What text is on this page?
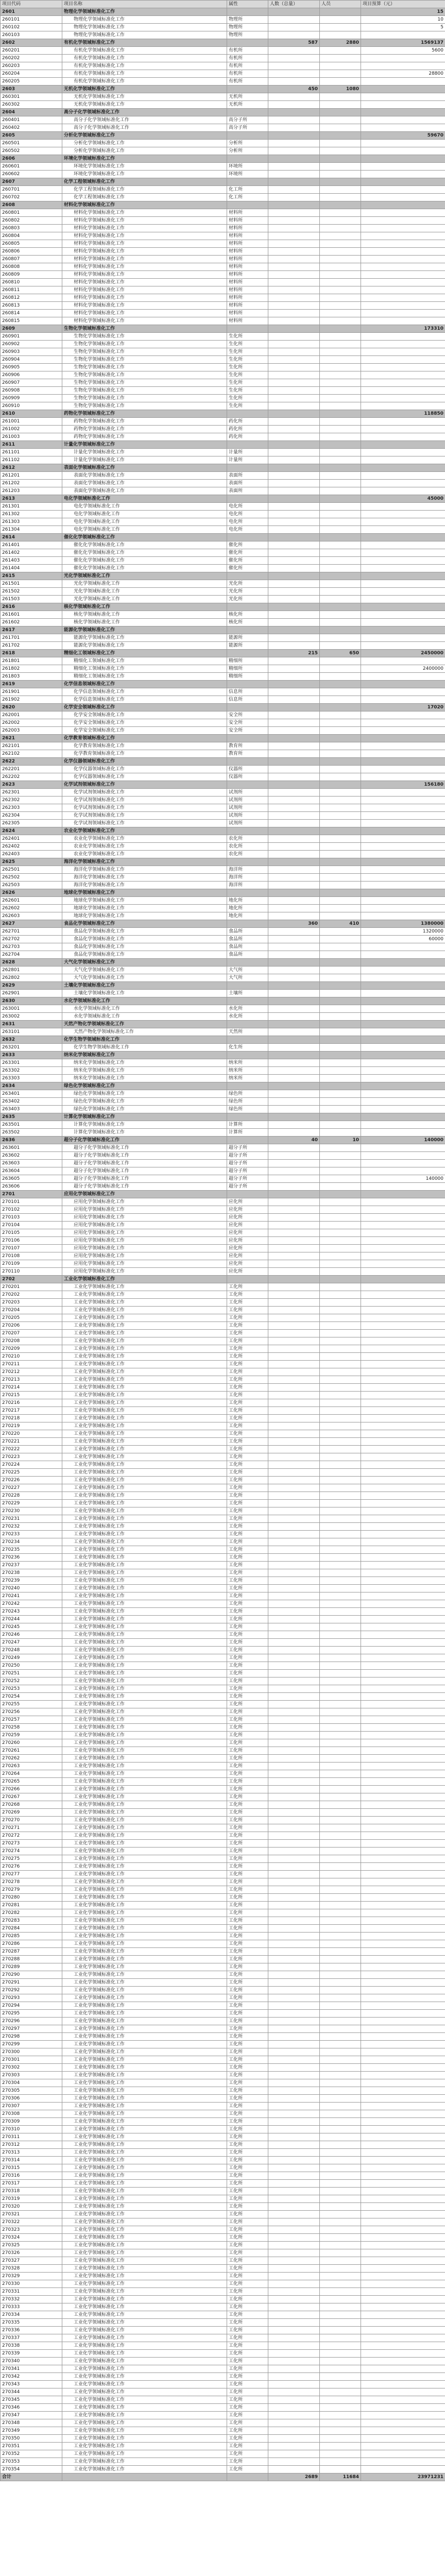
项目代码	项目名称	属性	人数（总量）	人员	项目预算（元）
2601	物理化学领域标准化工作				15
260101	物理化学领域标准化工作	物理所			10
260102	物理化学领域标准化工作	物理所			5
260103	物理化学领域标准化工作	物理所			
2602	有机化学领域标准化工作		587	2880	1569137
260201	有机化学领域标准化工作	有机所			5600
260202	有机化学领域标准化工作	有机所			
260203	有机化学领域标准化工作	有机所			
260204	有机化学领域标准化工作	有机所			28800
260205	有机化学领域标准化工作	有机所			
2603	无机化学领域标准化工作		450	1080	
260301	无机化学领域标准化工作	无机所			
260302	无机化学领域标准化工作	无机所			
2604	高分子化学领域标准化工作				
260401	高分子化学领域标准化工作	高分子所			
260402	高分子化学领域标准化工作	高分子所			
2605	分析化学领域标准化工作				59670
260501	分析化学领域标准化工作	分析所			
260502	分析化学领域标准化工作	分析所			
2606	环境化学领域标准化工作				
260601	环境化学领域标准化工作	环境所			
260602	环境化学领域标准化工作	环境所			
2607	化学工程领域标准化工作				
260701	化学工程领域标准化工作	化工所			
260702	化学工程领域标准化工作	化工所			
2608	材料化学领域标准化工作				
260801	材料化学领域标准化工作	材料所			
260802	材料化学领域标准化工作	材料所			
260803	材料化学领域标准化工作	材料所			
260804	材料化学领域标准化工作	材料所			
260805	材料化学领域标准化工作	材料所			
260806	材料化学领域标准化工作	材料所			
260807	材料化学领域标准化工作	材料所			
260808	材料化学领域标准化工作	材料所			
260809	材料化学领域标准化工作	材料所			
260810	材料化学领域标准化工作	材料所			
260811	材料化学领域标准化工作	材料所			
260812	材料化学领域标准化工作	材料所			
260813	材料化学领域标准化工作	材料所			
260814	材料化学领域标准化工作	材料所			
260815	材料化学领域标准化工作	材料所			
2609	生物化学领域标准化工作				173310
260901	生物化学领域标准化工作	生化所			
260902	生物化学领域标准化工作	生化所			
260903	生物化学领域标准化工作	生化所			
260904	生物化学领域标准化工作	生化所			
260905	生物化学领域标准化工作	生化所			
260906	生物化学领域标准化工作	生化所			
260907	生物化学领域标准化工作	生化所			
260908	生物化学领域标准化工作	生化所			
260909	生物化学领域标准化工作	生化所			
260910	生物化学领域标准化工作	生化所			
2610	药物化学领域标准化工作				118850
261001	药物化学领域标准化工作	药化所			
261002	药物化学领域标准化工作	药化所			
261003	药物化学领域标准化工作	药化所			
2611	计量化学领域标准化工作				
261101	计量化学领域标准化工作	计量所			
261102	计量化学领域标准化工作	计量所			
2612	表面化学领域标准化工作				
261201	表面化学领域标准化工作	表面所			
261202	表面化学领域标准化工作	表面所			
261203	表面化学领域标准化工作	表面所			
2613	电化学领域标准化工作				45000
261301	电化学领域标准化工作	电化所			
261302	电化学领域标准化工作	电化所			
261303	电化学领域标准化工作	电化所			
261304	电化学领域标准化工作	电化所			
2614	催化化学领域标准化工作				
261401	催化化学领域标准化工作	催化所			
261402	催化化学领域标准化工作	催化所			
261403	催化化学领域标准化工作	催化所			
261404	催化化学领域标准化工作	催化所			
2615	光化学领域标准化工作				
261501	光化学领域标准化工作	光化所			
261502	光化学领域标准化工作	光化所			
261503	光化学领域标准化工作	光化所			
2616	核化学领域标准化工作				
261601	核化学领域标准化工作	核化所			
261602	核化学领域标准化工作	核化所			
2617	能源化学领域标准化工作				
261701	能源化学领域标准化工作	能源所			
261702	能源化学领域标准化工作	能源所			
2618	精细化工领域标准化工作		215	650	2450000
261801	精细化工领域标准化工作	精细所			
261802	精细化工领域标准化工作	精细所			2400000
261803	精细化工领域标准化工作	精细所			
2619	化学信息领域标准化工作				
261901	化学信息领域标准化工作	信息所			
261902	化学信息领域标准化工作	信息所			
2620	化学安全领域标准化工作				17020
262001	化学安全领域标准化工作	安全所			
262002	化学安全领域标准化工作	安全所			
262003	化学安全领域标准化工作	安全所			
2621	化学教育领域标准化工作				
262101	化学教育领域标准化工作	教育所			
262102	化学教育领域标准化工作	教育所			
2622	化学仪器领域标准化工作				
262201	化学仪器领域标准化工作	仪器所			
262202	化学仪器领域标准化工作	仪器所			
2623	化学试剂领域标准化工作				156180
262301	化学试剂领域标准化工作	试剂所			
262302	化学试剂领域标准化工作	试剂所			
262303	化学试剂领域标准化工作	试剂所			
262304	化学试剂领域标准化工作	试剂所			
262305	化学试剂领域标准化工作	试剂所			
2624	农业化学领域标准化工作				
262401	农业化学领域标准化工作	农化所			
262402	农业化学领域标准化工作	农化所			
262403	农业化学领域标准化工作	农化所			
2625	海洋化学领域标准化工作				
262501	海洋化学领域标准化工作	海洋所			
262502	海洋化学领域标准化工作	海洋所			
262503	海洋化学领域标准化工作	海洋所			
2626	地球化学领域标准化工作				
262601	地球化学领域标准化工作	地化所			
262602	地球化学领域标准化工作	地化所			
262603	地球化学领域标准化工作	地化所			
2627	食品化学领域标准化工作		360	410	1380000
262701	食品化学领域标准化工作	食品所			1320000
262702	食品化学领域标准化工作	食品所			60000
262703	食品化学领域标准化工作	食品所			
262704	食品化学领域标准化工作	食品所			
2628	大气化学领域标准化工作				
262801	大气化学领域标准化工作	大气所			
262802	大气化学领域标准化工作	大气所			
2629	土壤化学领域标准化工作				
262901	土壤化学领域标准化工作	土壤所			
2630	水化学领域标准化工作				
263001	水化学领域标准化工作	水化所			
263002	水化学领域标准化工作	水化所			
2631	天然产物化学领域标准化工作				
263101	天然产物化学领域标准化工作	天然所			
2632	化学生物学领域标准化工作				
263201	化学生物学领域标准化工作	化生所			
2633	纳米化学领域标准化工作				
263301	纳米化学领域标准化工作	纳米所			
263302	纳米化学领域标准化工作	纳米所			
263303	纳米化学领域标准化工作	纳米所			
2634	绿色化学领域标准化工作				
263401	绿色化学领域标准化工作	绿色所			
263402	绿色化学领域标准化工作	绿色所			
263403	绿色化学领域标准化工作	绿色所			
2635	计算化学领域标准化工作				
263501	计算化学领域标准化工作	计算所			
263502	计算化学领域标准化工作	计算所			
2636	超分子化学领域标准化工作		40	10	140000
263601	超分子化学领域标准化工作	超分子所			
263602	超分子化学领域标准化工作	超分子所			
263603	超分子化学领域标准化工作	超分子所			
263604	超分子化学领域标准化工作	超分子所			
263605	超分子化学领域标准化工作	超分子所			140000
263606	超分子化学领域标准化工作	超分子所			
2701	应用化学领域标准化工作				
270101	应用化学领域标准化工作	应化所			
270102	应用化学领域标准化工作	应化所			
270103	应用化学领域标准化工作	应化所			
270104	应用化学领域标准化工作	应化所			
270105	应用化学领域标准化工作	应化所			
270106	应用化学领域标准化工作	应化所			
270107	应用化学领域标准化工作	应化所			
270108	应用化学领域标准化工作	应化所			
270109	应用化学领域标准化工作	应化所			
270110	应用化学领域标准化工作	应化所			
2702	工业化学领域标准化工作				
270201	工业化学领域标准化工作	工化所			
270202	工业化学领域标准化工作	工化所			
270203	工业化学领域标准化工作	工化所			
270204	工业化学领域标准化工作	工化所			
270205	工业化学领域标准化工作	工化所			
270206	工业化学领域标准化工作	工化所			
270207	工业化学领域标准化工作	工化所			
270208	工业化学领域标准化工作	工化所			
270209	工业化学领域标准化工作	工化所			
270210	工业化学领域标准化工作	工化所			
270211	工业化学领域标准化工作	工化所			
270212	工业化学领域标准化工作	工化所			
270213	工业化学领域标准化工作	工化所			
270214	工业化学领域标准化工作	工化所			
270215	工业化学领域标准化工作	工化所			
270216	工业化学领域标准化工作	工化所			
270217	工业化学领域标准化工作	工化所			
270218	工业化学领域标准化工作	工化所			
270219	工业化学领域标准化工作	工化所			
270220	工业化学领域标准化工作	工化所			
270221	工业化学领域标准化工作	工化所			
270222	工业化学领域标准化工作	工化所			
270223	工业化学领域标准化工作	工化所			
270224	工业化学领域标准化工作	工化所			
270225	工业化学领域标准化工作	工化所			
270226	工业化学领域标准化工作	工化所			
270227	工业化学领域标准化工作	工化所			
270228	工业化学领域标准化工作	工化所			
270229	工业化学领域标准化工作	工化所			
270230	工业化学领域标准化工作	工化所			
270231	工业化学领域标准化工作	工化所			
270232	工业化学领域标准化工作	工化所			
270233	工业化学领域标准化工作	工化所			
270234	工业化学领域标准化工作	工化所			
270235	工业化学领域标准化工作	工化所			
270236	工业化学领域标准化工作	工化所			
270237	工业化学领域标准化工作	工化所			
270238	工业化学领域标准化工作	工化所			
270239	工业化学领域标准化工作	工化所			
270240	工业化学领域标准化工作	工化所			
270241	工业化学领域标准化工作	工化所			
270242	工业化学领域标准化工作	工化所			
270243	工业化学领域标准化工作	工化所			
270244	工业化学领域标准化工作	工化所			
270245	工业化学领域标准化工作	工化所			
270246	工业化学领域标准化工作	工化所			
270247	工业化学领域标准化工作	工化所			
270248	工业化学领域标准化工作	工化所			
270249	工业化学领域标准化工作	工化所			
270250	工业化学领域标准化工作	工化所			
270251	工业化学领域标准化工作	工化所			
270252	工业化学领域标准化工作	工化所			
270253	工业化学领域标准化工作	工化所			
270254	工业化学领域标准化工作	工化所			
270255	工业化学领域标准化工作	工化所			
270256	工业化学领域标准化工作	工化所			
270257	工业化学领域标准化工作	工化所			
270258	工业化学领域标准化工作	工化所			
270259	工业化学领域标准化工作	工化所			
270260	工业化学领域标准化工作	工化所			
270261	工业化学领域标准化工作	工化所			
270262	工业化学领域标准化工作	工化所			
270263	工业化学领域标准化工作	工化所			
270264	工业化学领域标准化工作	工化所			
270265	工业化学领域标准化工作	工化所			
270266	工业化学领域标准化工作	工化所			
270267	工业化学领域标准化工作	工化所			
270268	工业化学领域标准化工作	工化所			
270269	工业化学领域标准化工作	工化所			
270270	工业化学领域标准化工作	工化所			
270271	工业化学领域标准化工作	工化所			
270272	工业化学领域标准化工作	工化所			
270273	工业化学领域标准化工作	工化所			
270274	工业化学领域标准化工作	工化所			
270275	工业化学领域标准化工作	工化所			
270276	工业化学领域标准化工作	工化所			
270277	工业化学领域标准化工作	工化所			
270278	工业化学领域标准化工作	工化所			
270279	工业化学领域标准化工作	工化所			
270280	工业化学领域标准化工作	工化所			
270281	工业化学领域标准化工作	工化所			
270282	工业化学领域标准化工作	工化所			
270283	工业化学领域标准化工作	工化所			
270284	工业化学领域标准化工作	工化所			
270285	工业化学领域标准化工作	工化所			
270286	工业化学领域标准化工作	工化所			
270287	工业化学领域标准化工作	工化所			
270288	工业化学领域标准化工作	工化所			
270289	工业化学领域标准化工作	工化所			
270290	工业化学领域标准化工作	工化所			
270291	工业化学领域标准化工作	工化所			
270292	工业化学领域标准化工作	工化所			
270293	工业化学领域标准化工作	工化所			
270294	工业化学领域标准化工作	工化所			
270295	工业化学领域标准化工作	工化所			
270296	工业化学领域标准化工作	工化所			
270297	工业化学领域标准化工作	工化所			
270298	工业化学领域标准化工作	工化所			
270299	工业化学领域标准化工作	工化所			
270300	工业化学领域标准化工作	工化所			
270301	工业化学领域标准化工作	工化所			
270302	工业化学领域标准化工作	工化所			
270303	工业化学领域标准化工作	工化所			
270304	工业化学领域标准化工作	工化所			
270305	工业化学领域标准化工作	工化所			
270306	工业化学领域标准化工作	工化所			
270307	工业化学领域标准化工作	工化所			
270308	工业化学领域标准化工作	工化所			
270309	工业化学领域标准化工作	工化所			
270310	工业化学领域标准化工作	工化所			
270311	工业化学领域标准化工作	工化所			
270312	工业化学领域标准化工作	工化所			
270313	工业化学领域标准化工作	工化所			
270314	工业化学领域标准化工作	工化所			
270315	工业化学领域标准化工作	工化所			
270316	工业化学领域标准化工作	工化所			
270317	工业化学领域标准化工作	工化所			
270318	工业化学领域标准化工作	工化所			
270319	工业化学领域标准化工作	工化所			
270320	工业化学领域标准化工作	工化所			
270321	工业化学领域标准化工作	工化所			
270322	工业化学领域标准化工作	工化所			
270323	工业化学领域标准化工作	工化所			
270324	工业化学领域标准化工作	工化所			
270325	工业化学领域标准化工作	工化所			
270326	工业化学领域标准化工作	工化所			
270327	工业化学领域标准化工作	工化所			
270328	工业化学领域标准化工作	工化所			
270329	工业化学领域标准化工作	工化所			
270330	工业化学领域标准化工作	工化所			
270331	工业化学领域标准化工作	工化所			
270332	工业化学领域标准化工作	工化所			
270333	工业化学领域标准化工作	工化所			
270334	工业化学领域标准化工作	工化所			
270335	工业化学领域标准化工作	工化所			
270336	工业化学领域标准化工作	工化所			
270337	工业化学领域标准化工作	工化所			
270338	工业化学领域标准化工作	工化所			
270339	工业化学领域标准化工作	工化所			
270340	工业化学领域标准化工作	工化所			
270341	工业化学领域标准化工作	工化所			
270342	工业化学领域标准化工作	工化所			
270343	工业化学领域标准化工作	工化所			
270344	工业化学领域标准化工作	工化所			
270345	工业化学领域标准化工作	工化所			
270346	工业化学领域标准化工作	工化所			
270347	工业化学领域标准化工作	工化所			
270348	工业化学领域标准化工作	工化所			
270349	工业化学领域标准化工作	工化所			
270350	工业化学领域标准化工作	工化所			
270351	工业化学领域标准化工作	工化所			
270352	工业化学领域标准化工作	工化所			
270353	工业化学领域标准化工作	工化所			
270354	工业化学领域标准化工作	工化所			
合计			2689	11684	23971231
